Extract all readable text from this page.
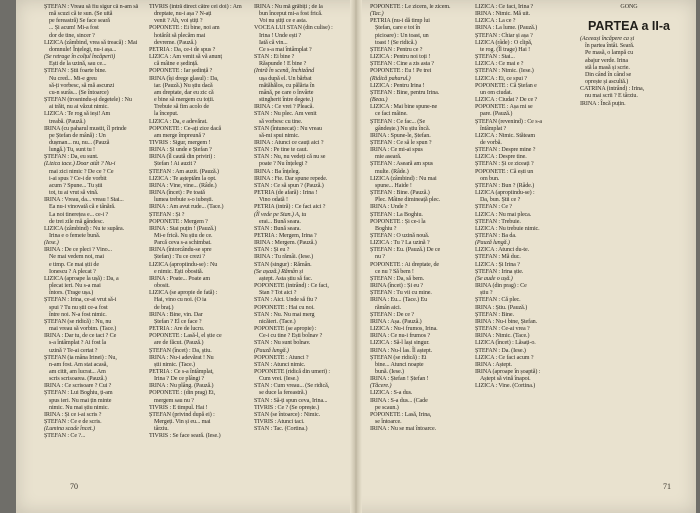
ȘTEFAN : Vreau să fiu sigur că n-am să
mă scuzi că te sun. (Se uită
pe fereastră) Se face seară
... Și acum! Mi-a fost
dor de tine, sincer ?
LIZICA (zâmbind, vrea să treacă) : Mai
domnule! Înțelegi, nu-i așa...
(Se retrage în colțul încăperii)
Ești de la uzină, sau ce...
ȘTEFAN : Știi foarte bine.
Nu cred... Mi-e greu
să-ți vorbesc, să mă ascunzi
cu-n surâs... (Se întoarce)
ȘTEFAN (trosnindu-și degetele) : Nu
ai trăit, nu ai văzut nimic.
LIZICA : Te rog să ieși! Am
treabă. (Pauză.)
IRINA (cu paharul mustit, îl prinde
pe Ștefan de mână) : Un
dușman... nu, nu... (Pauză
lungă.) Tu, sunt tu !
ȘTEFAN : Da, eu sunt.
(Lizica tace.) Doar atât ? Nu-i
mai zici nimic ? De ce ? Ce
i-ai spus ? Ce-i de vorbit
acum ? Spune... Tu știi
tot, tu ai vrut să vină.
IRINA : Vreau, da... vreau ! Stai...
Ea nu-i vinovată că e tânără.
La noi tinerețea e... ce-i ?
de trei zile mă gândesc.
LIZICA (zâmbind) : Nu te supăra.
Irina e o femeie bună.
(Iese.)
IRINA : De ce pleci ? Vino...
Ne mai vedem noi, mai
e timp. Ce mai știi de
Ionescu ? A plecat ?
LIZICA (aproape la ușă) : Da, a
plecat ieri. Nu s-a mai
întors. (Trage ușa.)
ȘTEFAN : Irina, ce-ai vrut să-i
spui ? Tu nu știi ce-a fost
între noi. N-a fost nimic.
ȘTEFAN (se ridică) : Nu, nu
mai vreau să vorbim. (Tace.)
IRINA : Dar tu, de ce taci ? Ce
s-a întâmplat ? Ai fost la
uzină ? Te-ai certat ?
ȘTEFAN (ia mâna Irinei) : Nu,
n-am fost. Am stat acasă,
am citit, am lucrat... Am
scris scrisoarea. (Pauză.)
IRINA : Ce scrisoare ? Cui ?
ȘTEFAN : Lui Boghiu, ți-am
spus ieri. Nu mai țin minte
nimic. Nu mai știu nimic.
IRINA : Și ce i-ai scris ?
ȘTEFAN : Ce e de scris.
(Lumina scade încet.)
ȘTEFAN : Ce ?...
TIVRIS (intră direct către cei doi) : Am
dreptate, nu-i așa ? N-ați
venit ? Ah, voi știți ?
POPONETE : Ei bine, noi am
hotărât să plecăm mai
devreme. (Pauză.)
PETRIA : Da, ce-i de spus ?
LIZICA : Am venit să vă anunț
că mâine e ședință.
POPONETE : Iar ședință ?
IRINA (își drege glasul) : Da,
iar. (Pauză.) Nu știu dacă
am dreptate, dar eu zic că
e bine să mergem cu toții.
Trebuie să fim acolo de
la început.
LIZICA : Da, e adevărat.
POPONETE : Ce-ați zice dacă
am merge împreună ?
TIVRIS : Sigur, mergem !
IRINA : Și unde e Ștefan ?
IRINA (îl caută din priviri) :
Ștefan ! Ai auzit ?
ȘTEFAN : Am auzit. (Pauză.)
LIZICA : Te așteptăm la opt.
IRINA : Vine, vine... (Râde.)
IRINA (încet) : Pe toată
lumea trebuie s-o iubești.
IRINA : Am avut rude... (Tace.)
ȘTEFAN : Și ?
POPONETE : Mergem ?
IRINA : Stai puțin ! (Pauză.)
Mi-e frică. Nu știu de ce.
Parcă ceva s-a schimbat.
IRINA (întorcându-se spre
Ștefan) : Tu ce crezi ?
LIZICA (apropiindu-se) : Nu
e nimic. Ești obosită.
IRINA : Poate... Poate am
obosit.
LIZICA (se apropie de fată) :
Hai, vino cu noi. (O ia
de braț.)
IRINA : Bine, vin. Dar
Ștefan ? El ce face ?
PETRIA : Are de lucru.
POPONETE : Lasă-l, el știe ce
are de făcut. (Pauză.)
ȘTEFAN (încet) : Da, știu.
IRINA : Nu-i adevărat ! Nu
știi nimic. (Tace.)
PETRIA : Ce s-a întâmplat,
Irina ? De ce plângi ?
IRINA : Nu plâng. (Pauză.)
POPONETE : (din prag) Ei,
mergem sau nu ?
TIVRIS : E timpul. Hai !
ȘTEFAN (privind după ei) :
Mergeți. Vin și eu... mai
târziu.
TIVRIS : Se face seară. (Iese.)
IRINA : Nu mă grăbiți ; de la
bun început mi-a fost frică.
Voi nu știți ce e asta.
VOCEA LUI STAN (din culise) :
Irina ! Unde ești ?
Iată că vin...
Ce s-a mai întâmplat ?
STAN : Ei bine ?
Răspunde ! E bine ?
(Intră în scenă, închizând
ușa după el. Un bărbat
mătăhălos, cu pălăria în
mână, pe care o învârte
stingherit între degete.)
IRINA : Ce vrei ? Pleacă.
STAN : Nu plec. Am venit
să vorbesc cu tine.
STAN (întunecat) : Nu vreau
să-mi spui nimic.
IRINA : Atunci ce cauți aici ?
STAN : Pe tine te caut.
STAN : Nu, nu vedeți că nu se
poate ? Nu înțelegi ?
IRINA : Ba înțeleg.
IRINA : Fie. Dar spune repede.
STAN : Ce să spun ? (Pauză.)
PETRIA (de afară) : Irina !
Vino odată !
PETRIA (intră) : Ce faci aici ?
(Îl vede pe Stan.) A, tu
erai... Bună seara.
STAN : Bună seara.
PETRIA : Mergem, Irina ?
IRINA : Mergem. (Pauză.)
STAN : Și eu ?
IRINA : Tu rămâi. (Iese.)
STAN (singur) : Rămân.
(Se așază.) Rămân și
aștept. Asta știu să fac.
POPONETE (intrând) : Ce faci,
Stan ? Tot aici ?
STAN : Aici. Unde să fiu ?
POPONETE : Hai cu noi.
STAN : Nu. Nu mai merg
nicăieri. (Tace.)
POPONETE (se apropie) :
Ce-i cu tine ? Ești bolnav ?
STAN : Nu sunt bolnav.
(Pauză lungă.)
POPONETE : Atunci ?
STAN : Atunci nimic.
POPONETE (ridică din umeri) :
Cum vrei. (Iese.)
STAN : Cum vreau... (Se ridică,
se duce la fereastră.)
STAN : Să-ți spun ceva, Irina...
TIVRIS : Ce ? (Se oprește.)
STAN (se întoarce) : Nimic.
TIVRIS : Atunci taci.
STAN : Tac. (Cortina.)
70
POPONETE : Le zicem, le zicem.
(Tac.)
PETRIA (nu-i dă timp lui
Ștefan, care e tot în
picioare) : Un toast, un
toast ! (Se ridică.)
ȘTEFAN : Pentru ce ?
LIZICA : Pentru noi toți !
ȘTEFAN : Cine a zis asta ?
POPONETE : Eu ! Pe trei
(Ridică paharul.)
LIZICA : Pentru Irina !
ȘTEFAN : Bine, pentru Irina.
(Beau.)
LIZICA : Mai bine spune-ne
ce faci mâine.
ȘTEFAN : Ce fac... (Se
gândește.) Nu știu încă.
IRINA : Spune-le, Ștefan.
ȘTEFAN : Ce să le spun ?
IRINA : Ce mi-ai spus
mie aseară.
ȘTEFAN : Aseară am spus
multe. (Râde.)
LIZICA (zâmbind) : Nu mai
spune... Haide !
ȘTEFAN : Bine. (Pauză.)
Plec. Mâine dimineață plec.
IRINA : Unde ?
ȘTEFAN : La Boghiu.
POPONETE : Și ce-i la
Boghiu ?
ȘTEFAN : O uzină nouă.
LIZICA : Tu ? La uzină ?
ȘTEFAN : Eu. (Pauză.) De ce
nu ?
POPONETE : Ai dreptate, de
ce nu ? Să bem !
ȘTEFAN : Da, să bem.
IRINA (încet) : Și eu ?
ȘTEFAN : Tu vii cu mine.
IRINA : Eu... (Tace.) Eu
rămân aici.
ȘTEFAN : De ce ?
IRINA : Așa. (Pauză.)
LIZICA : Nu-i frumos, Irina.
IRINA : Ce nu-i frumos ?
LIZICA : Să-l lași singur.
IRINA : Nu-l las. Îl aștept.
ȘTEFAN (se ridică) : Ei
bine... Atunci noapte
bună. (Iese.)
IRINA : Ștefan ! Ștefan !
(Tăcere.)
LIZICA : S-a dus.
IRINA : S-a dus... (Cade
pe scaun.)
POPONETE : Lasă, Irina,
se întoarce.
IRINA : Nu se mai întoarce.
LIZICA : Ce faci, Irina ?
IRINA : Nimic. Mă uit.
LIZICA : La ce ?
IRINA : La lume. (Pauză.)
ȘTEFAN : Chiar și așa ?
LIZICA (râde) : O clipă,
te rog. (Îl trage) Hai !
ȘTEFAN : Stai...
LIZICA : Ce mai e ?
ȘTEFAN : Nimic. (Iese.)
LIZICA : Ei, ce spui ?
POPONETE : Că Ștefan e
un om ciudat.
LIZICA : Ciudat ? De ce ?
POPONETE : Așa mi se
pare. (Pauză.)
ȘTEFAN (revenind) : Ce s-a
întâmplat ?
LIZICA : Nimic. Stăteam
de vorbă.
ȘTEFAN : Despre mine ?
LIZICA : Despre tine.
ȘTEFAN : Și ce ziceați ?
POPONETE : Că ești un
om bun.
ȘTEFAN : Bun ? (Râde.)
LIZICA (apropiindu-se) :
Da, bun. Știi ce ?
ȘTEFAN : Ce ?
LIZICA : Nu mai pleca.
ȘTEFAN : Trebuie.
LIZICA : Nu trebuie nimic.
ȘTEFAN : Ba da.
(Pauză lungă.)
LIZICA : Atunci du-te.
ȘTEFAN : Mă duc.
LIZICA : Și Irina ?
ȘTEFAN : Irina știe.
(Se aude o ușă.)
IRINA (din prag) : Ce
știu ?
ȘTEFAN : Că plec.
IRINA : Știu. (Pauză.)
ȘTEFAN : Bine.
IRINA : Nu-i bine, Ștefan.
ȘTEFAN : Ce-ai vrea ?
IRINA : Nimic. (Tace.)
LIZICA (încet) : Lăsați-o.
ȘTEFAN : Da. (Iese.)
LIZICA : Ce faci acum ?
IRINA : Aștept.
IRINA (aproape în șoaptă) :
Aștept să vină înapoi.
LIZICA : Vine. (Cortina.)
GONG
PARTEA a II-a
(Aceeași încăpere ca și
în partea întâi. Seară.
Pe masă, o lampă cu
abajur verde. Irina
stă la masă și scrie.
Din când în când se
oprește și ascultă.)
CATRINA (intrând) : Irina,
nu mai scrii ? E târziu.
IRINA : Încă puțin.
71
